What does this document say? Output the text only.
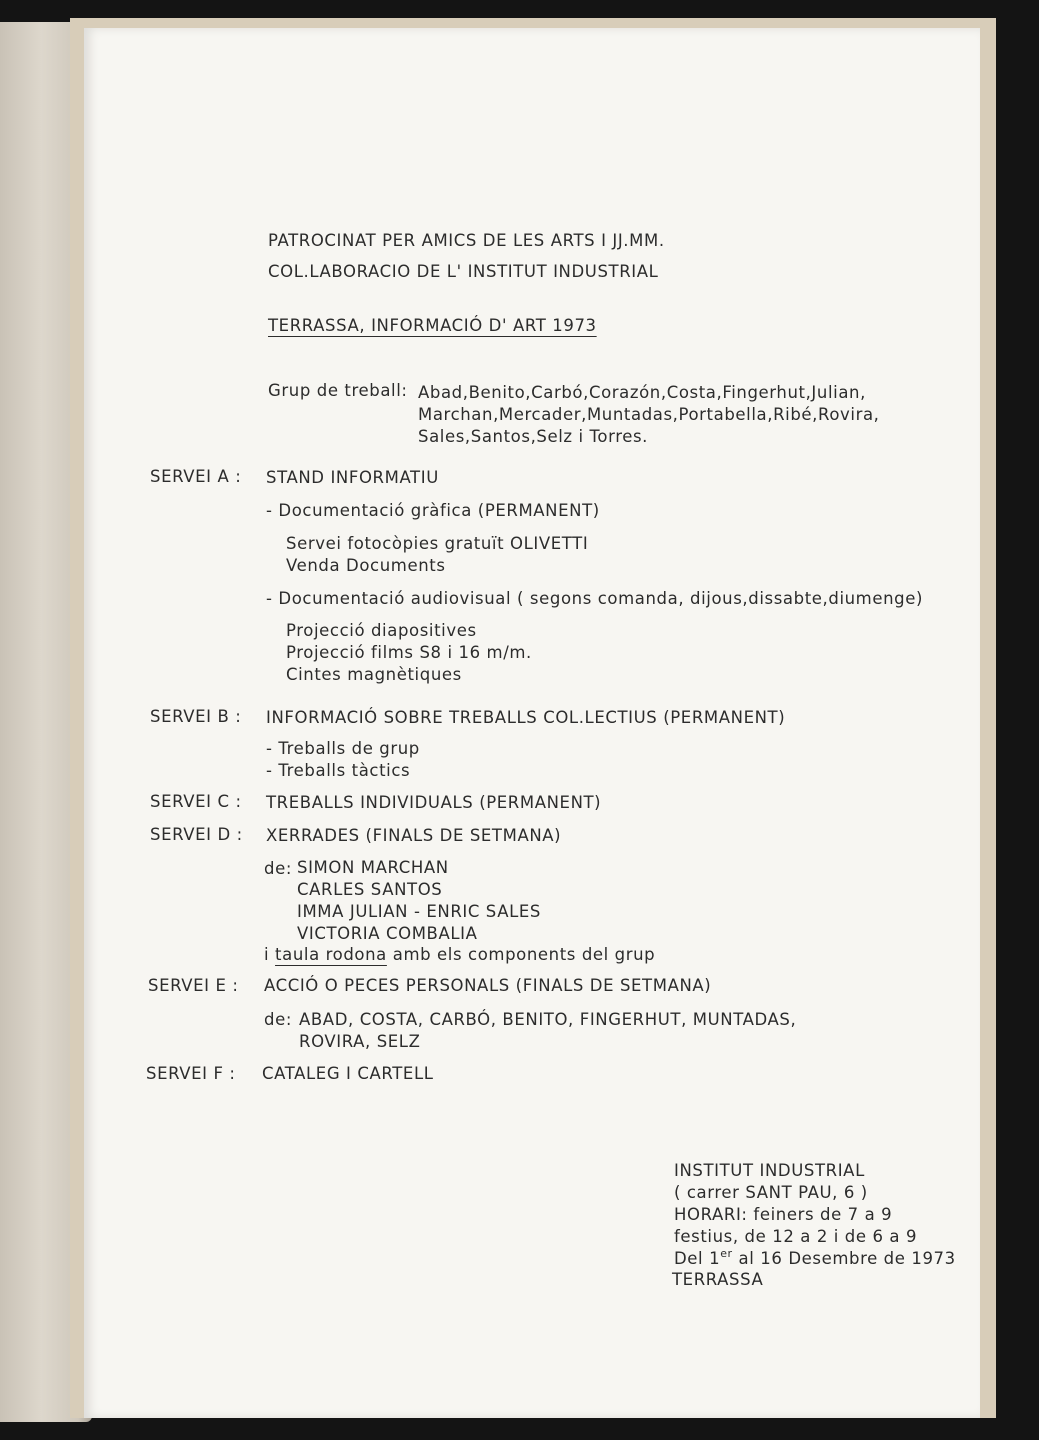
PATROCINAT PER AMICS DE LES ARTS I JJ.MM.
COL.LABORACIO DE L' INSTITUT INDUSTRIAL
TERRASSA, INFORMACIÓ D' ART 1973
Grup de treball: Abad,Benito,Carbó,Corazón,Costa,Fingerhut,Julian,
Marchan,Mercader,Muntadas,Portabella,Ribé,Rovira,
Sales,Santos,Selz i Torres.
SERVEI A : STAND INFORMATIU
- Documentació gràfica (PERMANENT)
Servei fotocòpies gratuït OLIVETTI
Venda Documents
- Documentació audiovisual ( segons comanda, dijous,dissabte,diumenge)
Projecció diapositives
Projecció films S8 i 16 m/m.
Cintes magnètiques
SERVEI B : INFORMACIÓ SOBRE TREBALLS COL.LECTIUS (PERMANENT)
- Treballs de grup
- Treballs tàctics
SERVEI C : TREBALLS INDIVIDUALS (PERMANENT)
SERVEI D : XERRADES (FINALS DE SETMANA)
de: SIMON MARCHAN
CARLES SANTOS
IMMA JULIAN - ENRIC SALES
VICTORIA COMBALIA
i taula rodona amb els components del grup
SERVEI E : ACCIÓ O PECES PERSONALS (FINALS DE SETMANA)
de: ABAD, COSTA, CARBÓ, BENITO, FINGERHUT, MUNTADAS,
ROVIRA, SELZ
SERVEI F : CATALEG I CARTELL
INSTITUT INDUSTRIAL
( carrer SANT PAU, 6 )
HORARI: feiners de 7 a 9
festius, de 12 a 2 i de 6 a 9
Del 1er al 16 Desembre de 1973
TERRASSA
